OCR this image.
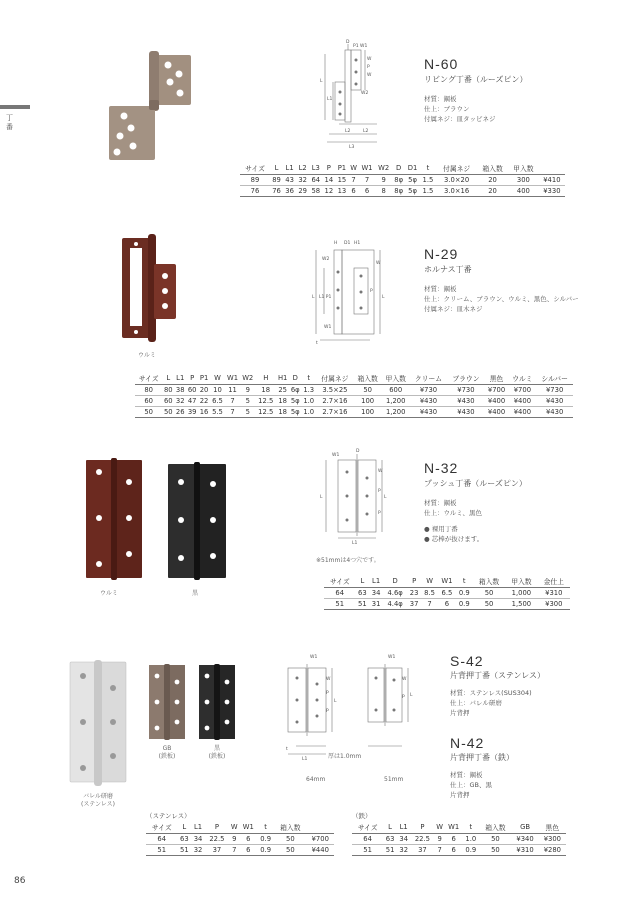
丁番
86
D
P1 W1
W
P
W
L
L1
W2
L2	L2
L3
N-60
リビング丁番（ルーズピン）
材質：鋼板
仕上：ブラウン
付属ネジ：皿タッピネジ
サイズ	L	L1	L2	L3	P	P1	W	W1	W2	D	D1	t	付属ネジ	箱入数	甲入数	
89	89	43	32	64	14	15	7	7	9	8φ	5φ	1.5	3.0×20	20	300	¥410
76	76	36	29	58	12	13	6	6	8	8φ	5φ	1.5	3.0×16	20	400	¥330
ウルミ
H D1 H1
W2
W
L L1 P1
P
L
W1
t
N-29
ホルナス丁番
材質：鋼板
仕上：クリーム、ブラウン、ウルミ、黒色、シルバー
付属ネジ：皿木ネジ
サイズ	L	L1	P	P1	W	W1	W2	H	H1	D	t	付属ネジ	箱入数	甲入数	クリーム	ブラウン	黒色	ウルミ	シルバー
80	80	38	60	20	10	11	9	18	25	6φ	1.3	3.5×25	50	600	¥730	¥730	¥700	¥700	¥730
60	60	32	47	22	6.5	7	5	12.5	18	5φ	1.0	2.7×16	100	1,200	¥430	¥430	¥400	¥400	¥430
50	50	26	39	16	5.5	7	5	12.5	18	5φ	1.0	2.7×16	100	1,200	¥430	¥430	¥400	¥400	¥430
ウルミ	黒
W1
D
W
P
P
L
L
L1
※51mmは4つ穴です。
N-32
プッシュ丁番（ルーズピン）
材質：鋼板
仕上：ウルミ、黒色
● 裸用丁番
● 芯棒が抜けます。
サイズ	L	L1	D	P	W	W1	t	箱入数	甲入数	金仕上
64	63	34	4.6φ	23	8.5	6.5	0.9	50	1,000	¥310
51	51	31	4.4φ	37	7	6	0.9	50	1,500	¥300
バレル研磨
(ステンレス)
GB
(鉄板)
黒
(鉄板)
W1
W
P
P
L
L1
t
W1
W
P L
厚は1.0mm
64mm	51mm
S-42
片背押丁番（ステンレス）
材質：ステンレス(SUS304)
仕上：バレル研磨
片背押
N-42
片背押丁番（鉄）
材質：鋼板
仕上：GB、黒
片背押
（ステンレス）
サイズ	L	L1	P	W	W1	t	箱入数	
64	63	34	22.5	9	6	0.9	50	¥700
51	51	32	37	7	6	0.9	50	¥440
（鉄）
サイズ	L	L1	P	W	W1	t	箱入数	GB	黒色
64	63	34	22.5	9	6	1.0	50	¥340	¥300
51	51	32	37	7	6	0.9	50	¥310	¥280
